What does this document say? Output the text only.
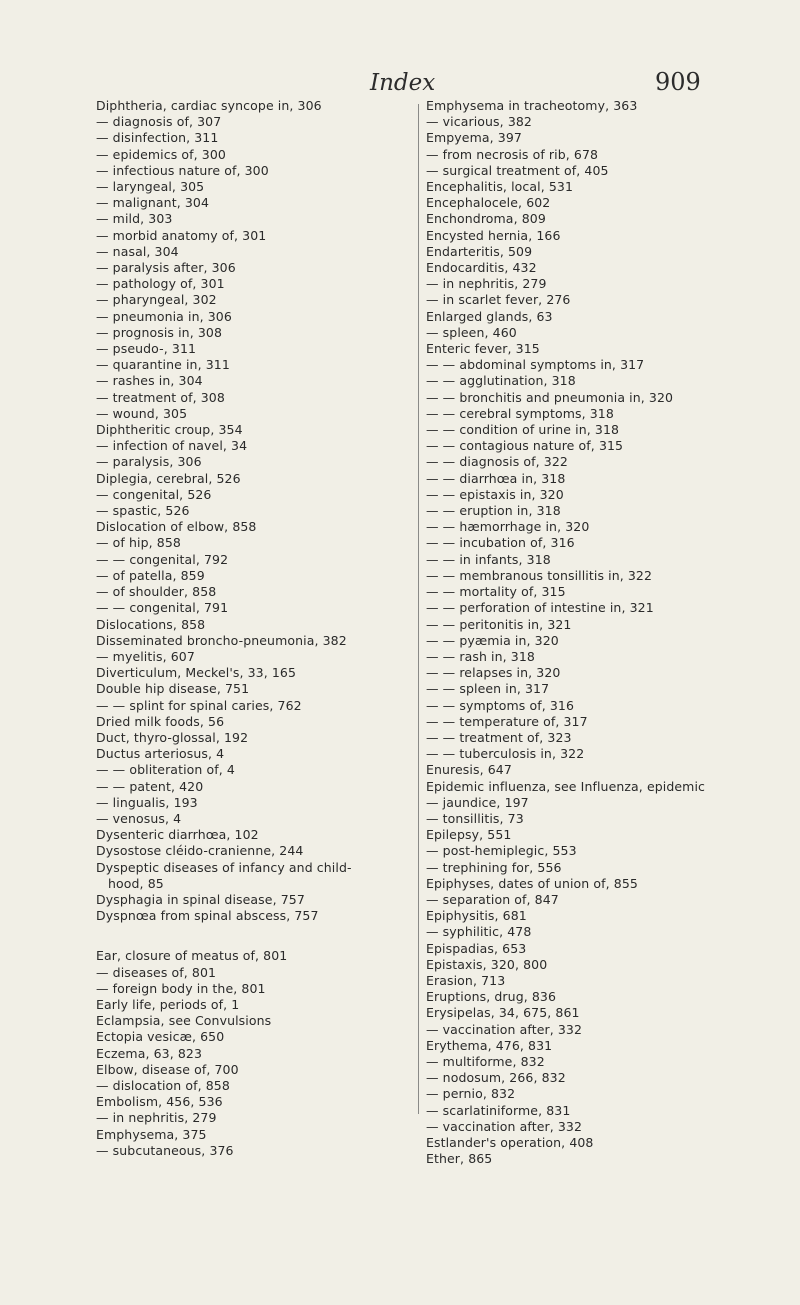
Index	909
Diphtheria, cardiac syncope in, 306
— diagnosis of, 307
— disinfection, 311
— epidemics of, 300
— infectious nature of, 300
— laryngeal, 305
— malignant, 304
— mild, 303
— morbid anatomy of, 301
— nasal, 304
— paralysis after, 306
— pathology of, 301
— pharyngeal, 302
— pneumonia in, 306
— prognosis in, 308
— pseudo-, 311
— quarantine in, 311
— rashes in, 304
— treatment of, 308
— wound, 305
Diphtheritic croup, 354
— infection of navel, 34
— paralysis, 306
Diplegia, cerebral, 526
— congenital, 526
— spastic, 526
Dislocation of elbow, 858
— of hip, 858
— — congenital, 792
— of patella, 859
— of shoulder, 858
— — congenital, 791
Dislocations, 858
Disseminated broncho-pneumonia, 382
— myelitis, 607
Diverticulum, Meckel's, 33, 165
Double hip disease, 751
— — splint for spinal caries, 762
Dried milk foods, 56
Duct, thyro-glossal, 192
Ductus arteriosus, 4
— — obliteration of, 4
— — patent, 420
— lingualis, 193
— venosus, 4
Dysenteric diarrhœa, 102
Dysostose cléido-cranienne, 244
Dyspeptic diseases of infancy and child-
hood, 85
Dysphagia in spinal disease, 757
Dyspnœa from spinal abscess, 757
Ear, closure of meatus of, 801
— diseases of, 801
— foreign body in the, 801
Early life, periods of, 1
Eclampsia, see Convulsions
Ectopia vesicæ, 650
Eczema, 63, 823
Elbow, disease of, 700
— dislocation of, 858
Embolism, 456, 536
— in nephritis, 279
Emphysema, 375
— subcutaneous, 376
Emphysema in tracheotomy, 363
— vicarious, 382
Empyema, 397
— from necrosis of rib, 678
— surgical treatment of, 405
Encephalitis, local, 531
Encephalocele, 602
Enchondroma, 809
Encysted hernia, 166
Endarteritis, 509
Endocarditis, 432
— in nephritis, 279
— in scarlet fever, 276
Enlarged glands, 63
— spleen, 460
Enteric fever, 315
— — abdominal symptoms in, 317
— — agglutination, 318
— — bronchitis and pneumonia in, 320
— — cerebral symptoms, 318
— — condition of urine in, 318
— — contagious nature of, 315
— — diagnosis of, 322
— — diarrhœa in, 318
— — epistaxis in, 320
— — eruption in, 318
— — hæmorrhage in, 320
— — incubation of, 316
— — in infants, 318
— — membranous tonsillitis in, 322
— — mortality of, 315
— — perforation of intestine in, 321
— — peritonitis in, 321
— — pyæmia in, 320
— — rash in, 318
— — relapses in, 320
— — spleen in, 317
— — symptoms of, 316
— — temperature of, 317
— — treatment of, 323
— — tuberculosis in, 322
Enuresis, 647
Epidemic influenza, see Influenza, epidemic
— jaundice, 197
— tonsillitis, 73
Epilepsy, 551
— post-hemiplegic, 553
— trephining for, 556
Epiphyses, dates of union of, 855
— separation of, 847
Epiphysitis, 681
— syphilitic, 478
Epispadias, 653
Epistaxis, 320, 800
Erasion, 713
Eruptions, drug, 836
Erysipelas, 34, 675, 861
— vaccination after, 332
Erythema, 476, 831
— multiforme, 832
— nodosum, 266, 832
— pernio, 832
— scarlatiniforme, 831
— vaccination after, 332
Estlander's operation, 408
Ether, 865
